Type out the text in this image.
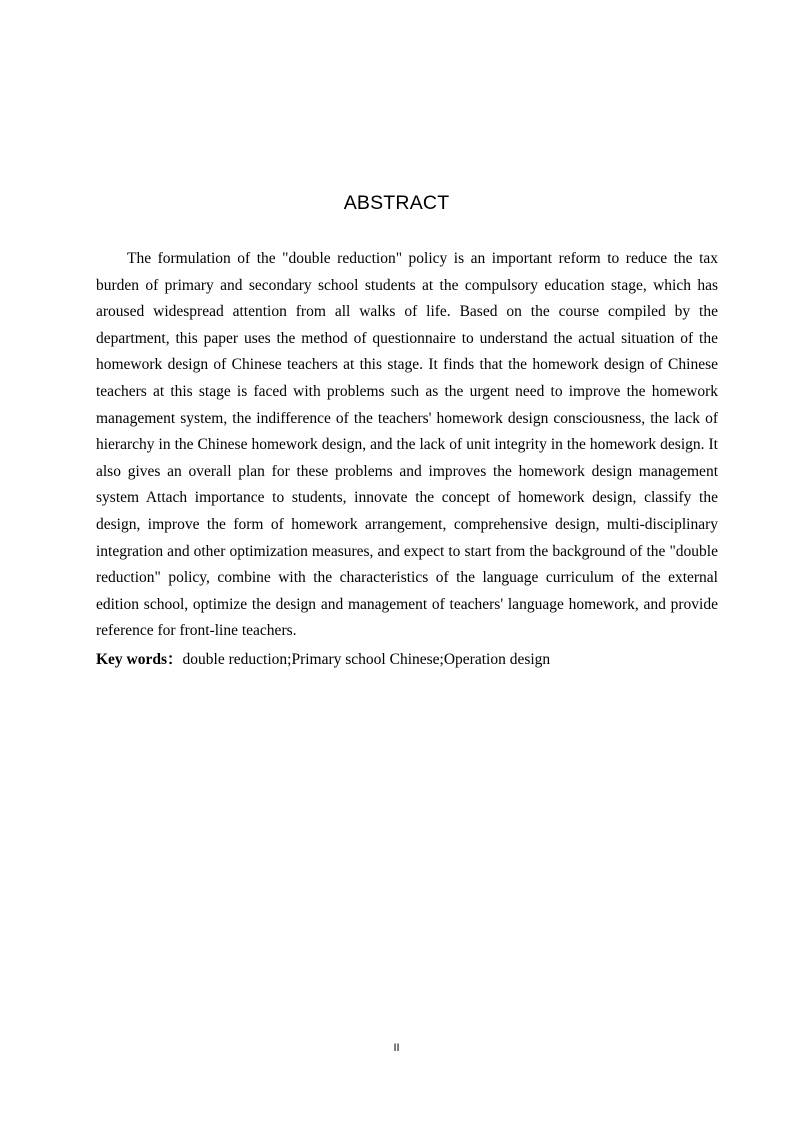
ABSTRACT

The formulation of the "double reduction" policy is an important reform to reduce the tax burden of primary and secondary school students at the compulsory education stage, which has aroused widespread attention from all walks of life. Based on the course compiled by the department, this paper uses the method of questionnaire to understand the actual situation of the homework design of Chinese teachers at this stage. It finds that the homework design of Chinese teachers at this stage is faced with problems such as the urgent need to improve the homework management system, the indifference of the teachers' homework design consciousness, the lack of hierarchy in the Chinese homework design, and the lack of unit integrity in the homework design. It also gives an overall plan for these problems and improves the homework design management system Attach importance to students, innovate the concept of homework design, classify the design, improve the form of homework arrangement, comprehensive design, multi-disciplinary integration and other optimization measures, and expect to start from the background of the "double reduction" policy, combine with the characteristics of the language curriculum of the external edition school, optimize the design and management of teachers' language homework, and provide reference for front-line teachers.

Key words：double reduction;Primary school Chinese;Operation design

II
